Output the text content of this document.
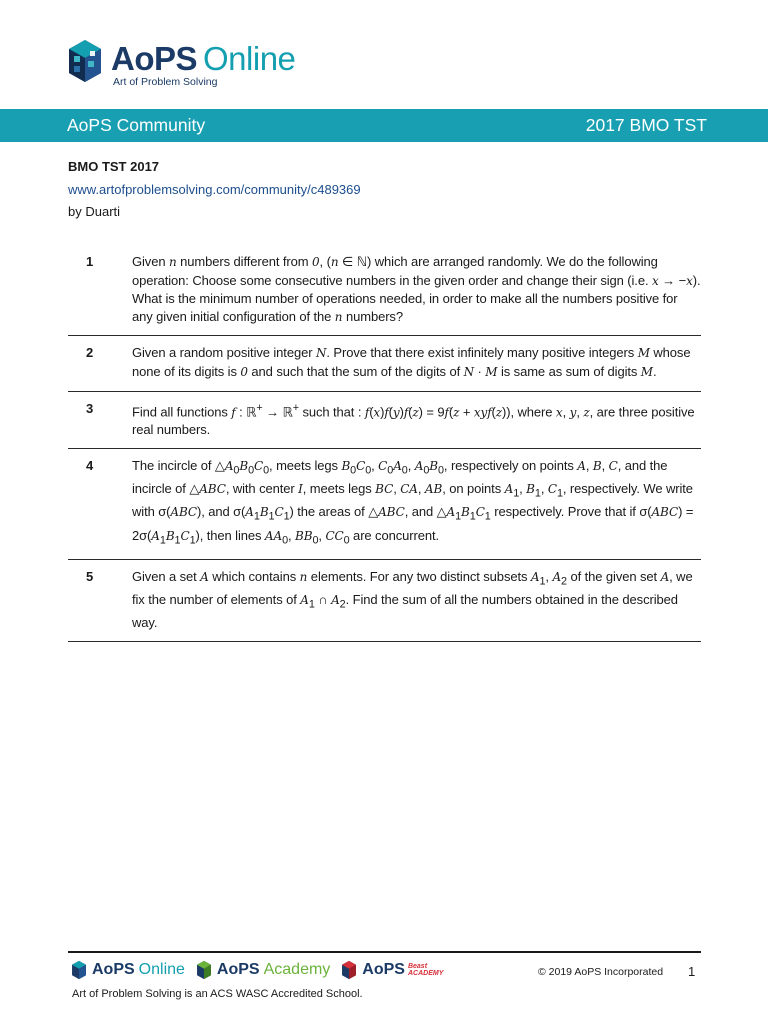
AoPS Online
Art of Problem Solving
AoPS Community	2017 BMO TST
BMO TST 2017
www.artofproblemsolving.com/community/c489369
by Duarti
1	Given n numbers different from 0, (n ∈ ℕ) which are arranged randomly. We do the following operation: Choose some consecutive numbers in the given order and change their sign (i.e. x → −x). What is the minimum number of operations needed, in order to make all the numbers positive for any given initial configuration of the n numbers?
2	Given a random positive integer N. Prove that there exist infinitely many positive integers M whose none of its digits is 0 and such that the sum of the digits of N · M is same as sum of digits M.
3	Find all functions f : ℝ+ → ℝ+ such that : f(x)f(y)f(z) = 9f(z + xyf(z)), where x, y, z, are three positive real numbers.
4	The incircle of $\triangle A_0B_0C_0$, meets legs $B_0C_0$, $C_0A_0$, $A_0B_0$, respectively on points A, B, C, and the incircle of △ABC, with center I, meets legs BC, CA, AB, on points $A_1$, $B_1$, $C_1$, respectively. We write with σ(ABC), and $\sigma(A_1B_1C_1)$ the areas of △ABC, and $\triangle A_1B_1C_1$ respectively. Prove that if $\sigma(ABC) = 2\sigma(A_1B_1C_1)$, then lines $AA_0$, $BB_0$, $CC_0$ are concurrent.
5	Given a set A which contains n elements. For any two distinct subsets $A_1$, $A_2$ of the given set A, we fix the number of elements of $A_1$ ∩ $A_2$. Find the sum of all the numbers obtained in the described way.
AoPS Online AoPS Academy AoPS Beast
ACADEMY	© 2019 AoPS Incorporated 1
Art of Problem Solving is an ACS WASC Accredited School.
